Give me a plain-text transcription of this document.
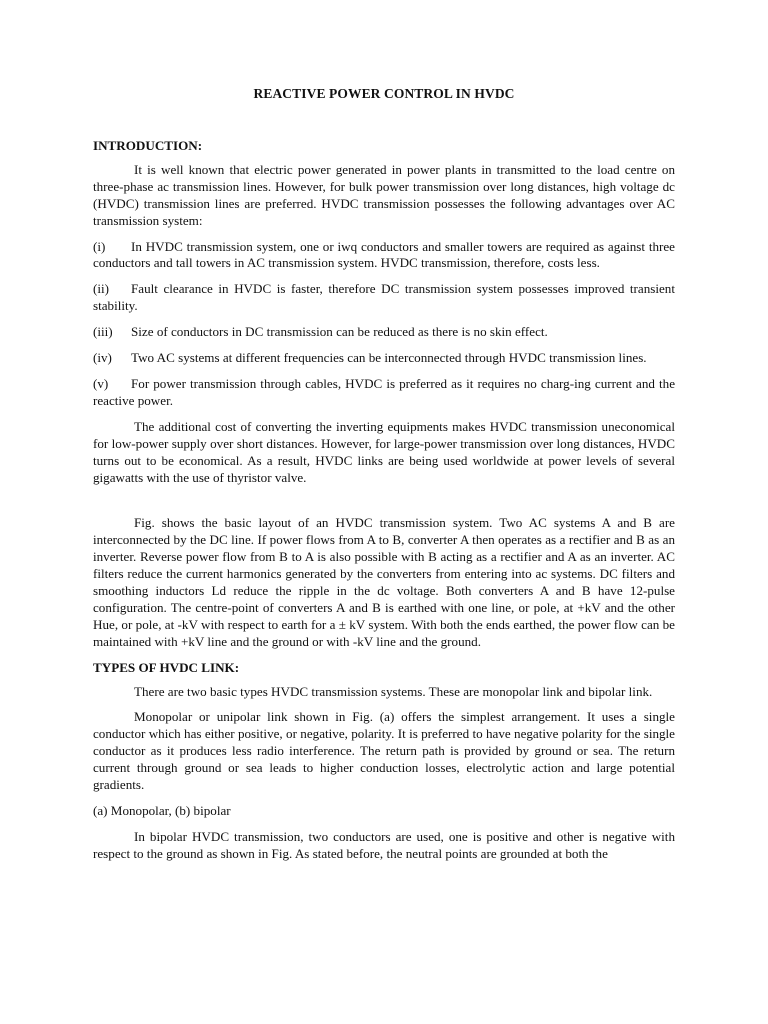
REACTIVE POWER CONTROL IN HVDC
INTRODUCTION:

It is well known that electric power generated in power plants in transmitted to the load centre on three-phase ac transmission lines. However, for bulk power transmission over long distances, high voltage dc (HVDC) transmission lines are preferred. HVDC transmission possesses the following advantages over AC transmission system:

(i) In HVDC transmission system, one or iwq conductors and smaller towers are required as against three conductors and tall towers in AC transmission system. HVDC transmission, therefore, costs less.
(ii) Fault clearance in HVDC is faster, therefore DC transmission system possesses improved transient stability.
(iii) Size of conductors in DC transmission can be reduced as there is no skin effect.
(iv) Two AC systems at different frequencies can be interconnected through HVDC transmission lines.
(v) For power transmission through cables, HVDC is preferred as it requires no charg-ing current and the reactive power.

The additional cost of converting the inverting equipments makes HVDC transmission uneconomical for low-power supply over short distances. However, for large-power transmission over long distances, HVDC turns out to be economical. As a result, HVDC links are being used worldwide at power levels of several gigawatts with the use of thyristor valve.

Fig. shows the basic layout of an HVDC transmission system. Two AC systems A and B are interconnected by the DC line. If power flows from A to B, converter A then operates as a rectifier and B as an inverter. Reverse power flow from B to A is also possible with B acting as a rectifier and A as an inverter. AC filters reduce the current harmonics generated by the converters from entering into ac systems. DC filters and smoothing inductors Ld reduce the ripple in the dc voltage. Both converters A and B have 12-pulse configuration. The centre-point of converters A and B is earthed with one line, or pole, at +kV and the other Hue, or pole, at -kV with respect to earth for a ± kV system. With both the ends earthed, the power flow can be maintained with +kV line and the ground or with -kV line and the ground.

TYPES OF HVDC LINK:

There are two basic types HVDC transmission systems. These are monopolar link and bipolar link.

Monopolar or unipolar link shown in Fig. (a) offers the simplest arrangement. It uses a single conductor which has either positive, or negative, polarity. It is preferred to have negative polarity for the single conductor as it produces less radio interference. The return path is provided by ground or sea. The return current through ground or sea leads to higher conduction losses, electrolytic action and large potential gradients.

(a) Monopolar, (b) bipolar

In bipolar HVDC transmission, two conductors are used, one is positive and other is negative with respect to the ground as shown in Fig. As stated before, the neutral points are grounded at both the
